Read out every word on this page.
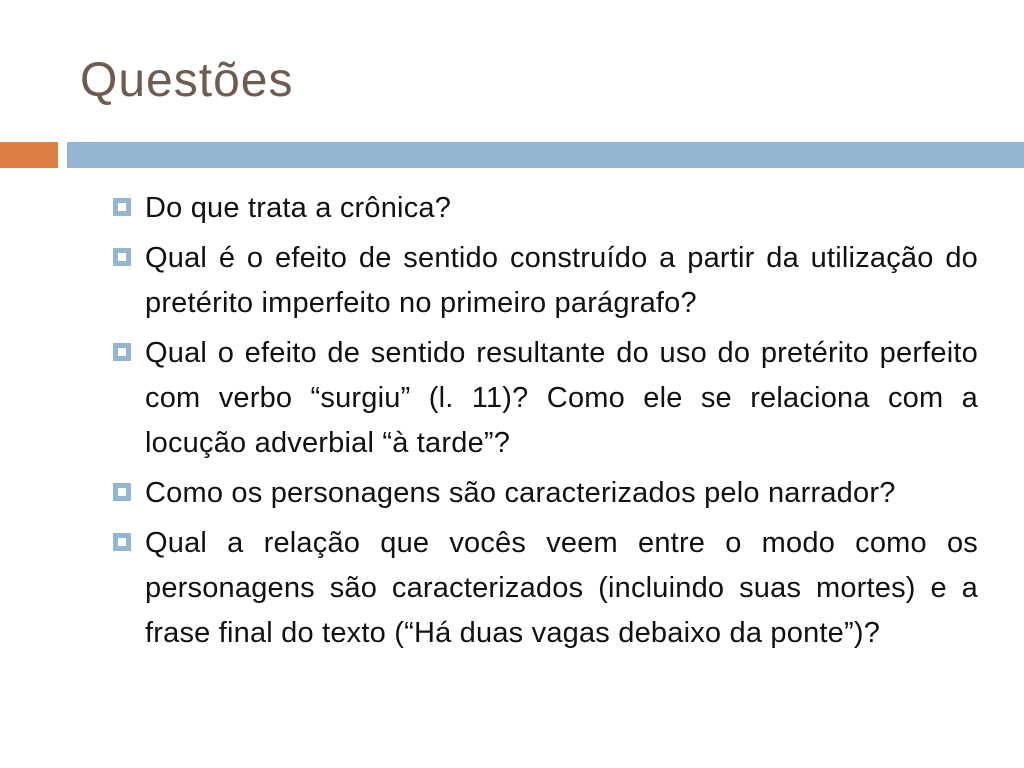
Questões
Do que trata a crônica?
Qual é o efeito de sentido construído a partir da utilização do pretérito imperfeito no primeiro parágrafo?
Qual o efeito de sentido resultante do uso do pretérito perfeito com verbo “surgiu” (l. 11)? Como ele se relaciona com a locução adverbial “à tarde”?
Como os personagens são caracterizados pelo narrador?
Qual a relação que vocês veem entre o modo como os personagens são caracterizados (incluindo suas mortes) e a frase final do texto (“Há duas vagas debaixo da ponte”)?
